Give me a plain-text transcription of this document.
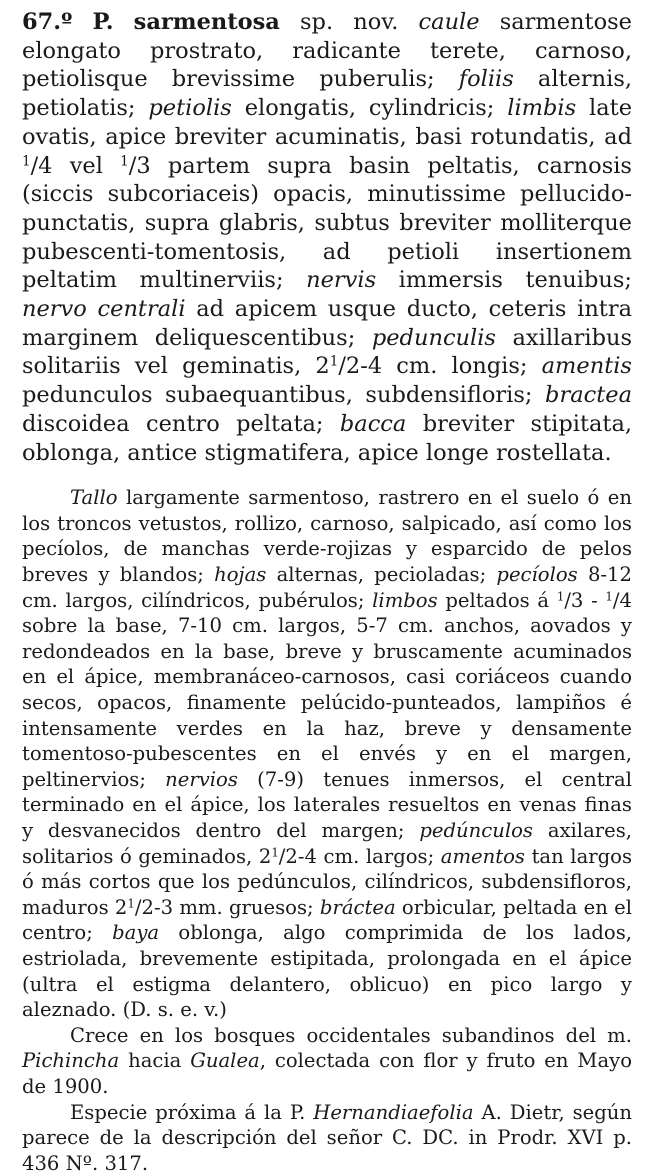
67.º P. sarmentosa sp. nov. caule sarmentose elongato prostrato, radicante terete, carnoso, petiolisque brevissime puberulis; foliis alternis, petiolatis; petiolis elongatis, cylindricis; limbis late ovatis, apice breviter acuminatis, basi rotundatis, ad $^1$/4 vel $^1$/3 partem supra basin peltatis, carnosis (siccis subcoriaceis) opacis, minutissime pellucido-punctatis, supra glabris, subtus breviter molliterque pubescenti-tomentosis, ad petioli insertionem peltatim multinerviis; nervis immersis tenuibus; nervo centrali ad apicem usque ducto, ceteris intra marginem deliquescentibus; pedunculis axillaribus solitariis vel geminatis, $2^1/2-4$ cm. longis; amentis pedunculos subaequantibus, subdensifloris; bractea discoidea centro peltata; bacca breviter stipitata, oblonga, antice stigmatifera, apice longe rostellata.

Tallo largamente sarmentoso, rastrero en el suelo ó en los troncos vetustos, rollizo, carnoso, salpicado, así como los pecíolos, de manchas verde-rojizas y esparcido de pelos breves y blandos; hojas alternas, pecioladas; pecíolos 8-12 cm. largos, cilíndricos, pubérulos; limbos peltados á $^1$/3 - $^1$/4 sobre la base, 7-10 cm. largos, 5-7 cm. anchos, aovados y redondeados en la base, breve y bruscamente acuminados en el ápice, membranáceo-carnosos, casi coriáceos cuando secos, opacos, finamente pelúcido-punteados, lampiños é intensamente verdes en la haz, breve y densamente tomentoso-pubescentes en el envés y en el margen, peltinervios; nervios (7-9) tenues inmersos, el central terminado en el ápice, los laterales resueltos en venas finas y desvanecidos dentro del margen; pedúnculos axilares, solitarios ó geminados, $2^1/2-4$ cm. largos; amentos tan largos ó más cortos que los pedúnculos, cilíndricos, subdensifloros, maduros $2^1/2-3$ mm. gruesos; bráctea orbicular, peltada en el centro; baya oblonga, algo comprimida de los lados, estriolada, brevemente estipitada, prolongada en el ápice (ultra el estigma delantero, oblicuo) en pico largo y aleznado. (D. s. e. v.)

Crece en los bosques occidentales subandinos del m. Pichincha hacia Gualea, colectada con flor y fruto en Mayo de 1900.

Especie próxima á la P. Hernandiaefolia A. Dietr, según parece de la descripción del señor C. DC. in Prodr. XVI p. 436 Nº. 317.
